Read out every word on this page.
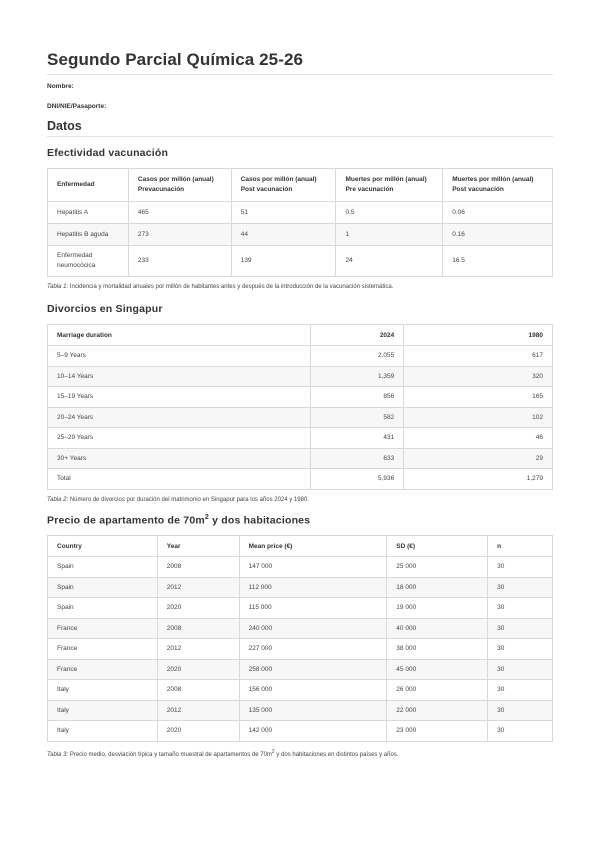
Segundo Parcial Química 25-26
Nombre:
DNI/NIE/Pasaporte:
Datos
Efectividad vacunación
Enfermedad	Casos por millón (anual) Prevacunación	Casos por millón (anual) Post vacunación	Muertes por millón (anual) Pre vacunación	Muertes por millón (anual) Post vacunación
Hepatitis A	465	51	0.5	0.06
Hepatitis B aguda	273	44	1	0.16
Enfermedad neumocócica	233	139	24	16.5

Tabla 1: Incidencia y mortalidad anuales por millón de habitantes antes y después de la introducción de la vacunación sistemática.

Divorcios en Singapur
Marriage duration	2024	1980
5–9 Years	2,055	617
10–14 Years	1,359	320
15–19 Years	856	165
20–24 Years	582	102
25–29 Years	431	46
30+ Years	633	29
Total	5,936	1,279

Tabla 2: Número de divorcios por duración del matrimonio en Singapur para los años 2024 y 1980.

Precio de apartamento de $70m^2$ y dos habitaciones
Country	Year	Mean price (€)	SD (€)	n
Spain	2008	147 000	25 000	30
Spain	2012	112 000	18 000	30
Spain	2020	115 000	19 000	30
France	2008	240 000	40 000	30
France	2012	227 000	38 000	30
France	2020	258 000	45 000	30
Italy	2008	156 000	26 000	30
Italy	2012	135 000	22 000	30
Italy	2020	142 000	23 000	30

Tabla 3: Precio medio, desviación típica y tamaño muestral de apartamentos de $70m^2$ y dos habitaciones en distintos países y años.
